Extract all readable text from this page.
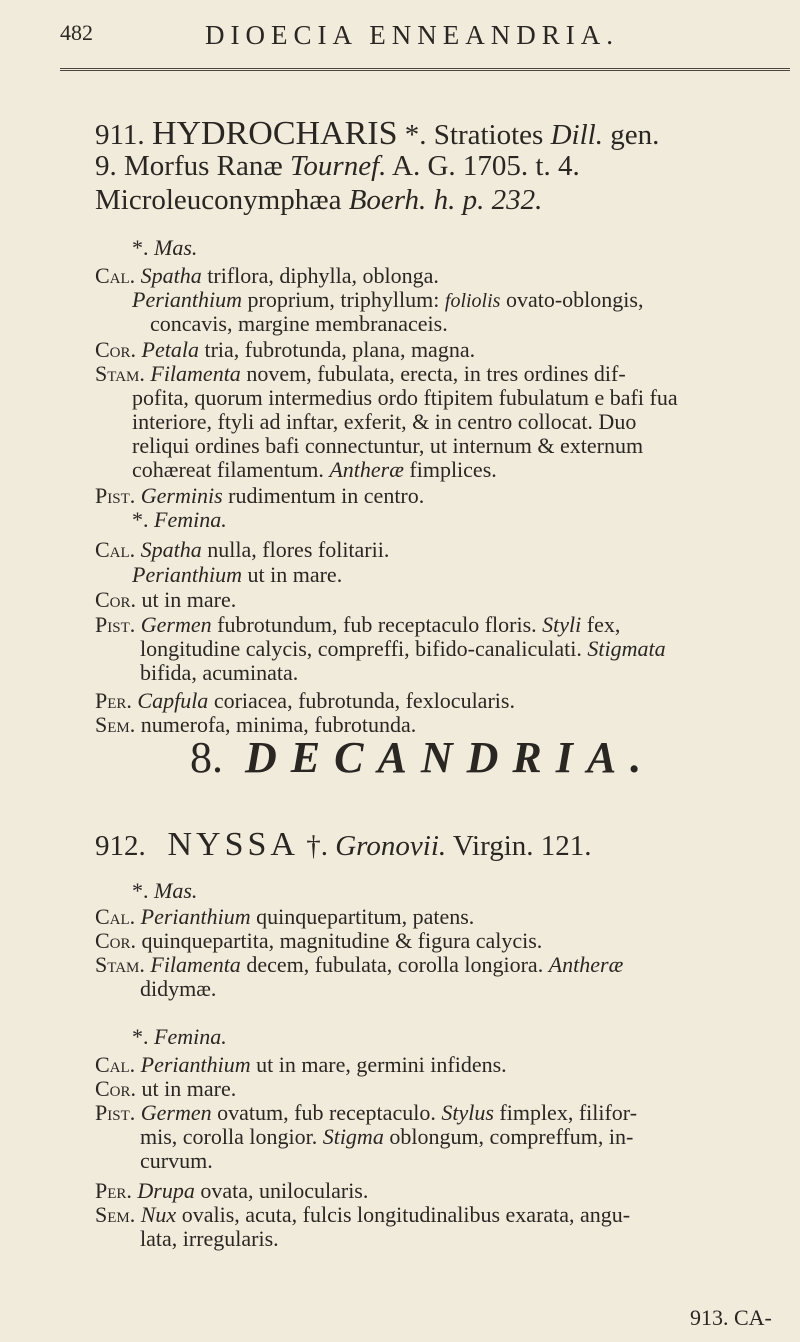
482	DIOECIA ENNEANDRIA.
911. HYDROCHARIS *. Stratiotes Dill. gen.
9. Morfus Ranæ Tournef. A. G. 1705. t. 4.
Microleuconymphæa Boerh. h. p. 232.
*. Mas.
Cal. Spatha triflora, diphylla, oblonga.
Perianthium proprium, triphyllum: foliolis ovato-oblongis,
concavis, margine membranaceis.
Cor. Petala tria, fubrotunda, plana, magna.
Stam. Filamenta novem, fubulata, erecta, in tres ordines dif-
pofita, quorum intermedius ordo ftipitem fubulatum e bafi fua
interiore, ftyli ad inftar, exferit, & in centro collocat. Duo
reliqui ordines bafi connectuntur, ut internum & externum
cohæreat filamentum. Antheræ fimplices.
Pist. Germinis rudimentum in centro.
*. Femina.
Cal. Spatha nulla, flores folitarii.
Perianthium ut in mare.
Cor. ut in mare.
Pist. Germen fubrotundum, fub receptaculo floris. Styli fex,
longitudine calycis, compreffi, bifido-canaliculati. Stigmata
bifida, acuminata.
Per. Capfula coriacea, fubrotunda, fexlocularis.
Sem. numerofa, minima, fubrotunda.
8. DECANDRIA.
912. NYSSA †. Gronovii. Virgin. 121.
*. Mas.
Cal. Perianthium quinquepartitum, patens.
Cor. quinquepartita, magnitudine & figura calycis.
Stam. Filamenta decem, fubulata, corolla longiora. Antheræ
didymæ.
*. Femina.
Cal. Perianthium ut in mare, germini infidens.
Cor. ut in mare.
Pist. Germen ovatum, fub receptaculo. Stylus fimplex, filifor-
mis, corolla longior. Stigma oblongum, compreffum, in-
curvum.
Per. Drupa ovata, unilocularis.
Sem. Nux ovalis, acuta, fulcis longitudinalibus exarata, angu-
lata, irregularis.
913. CA-
